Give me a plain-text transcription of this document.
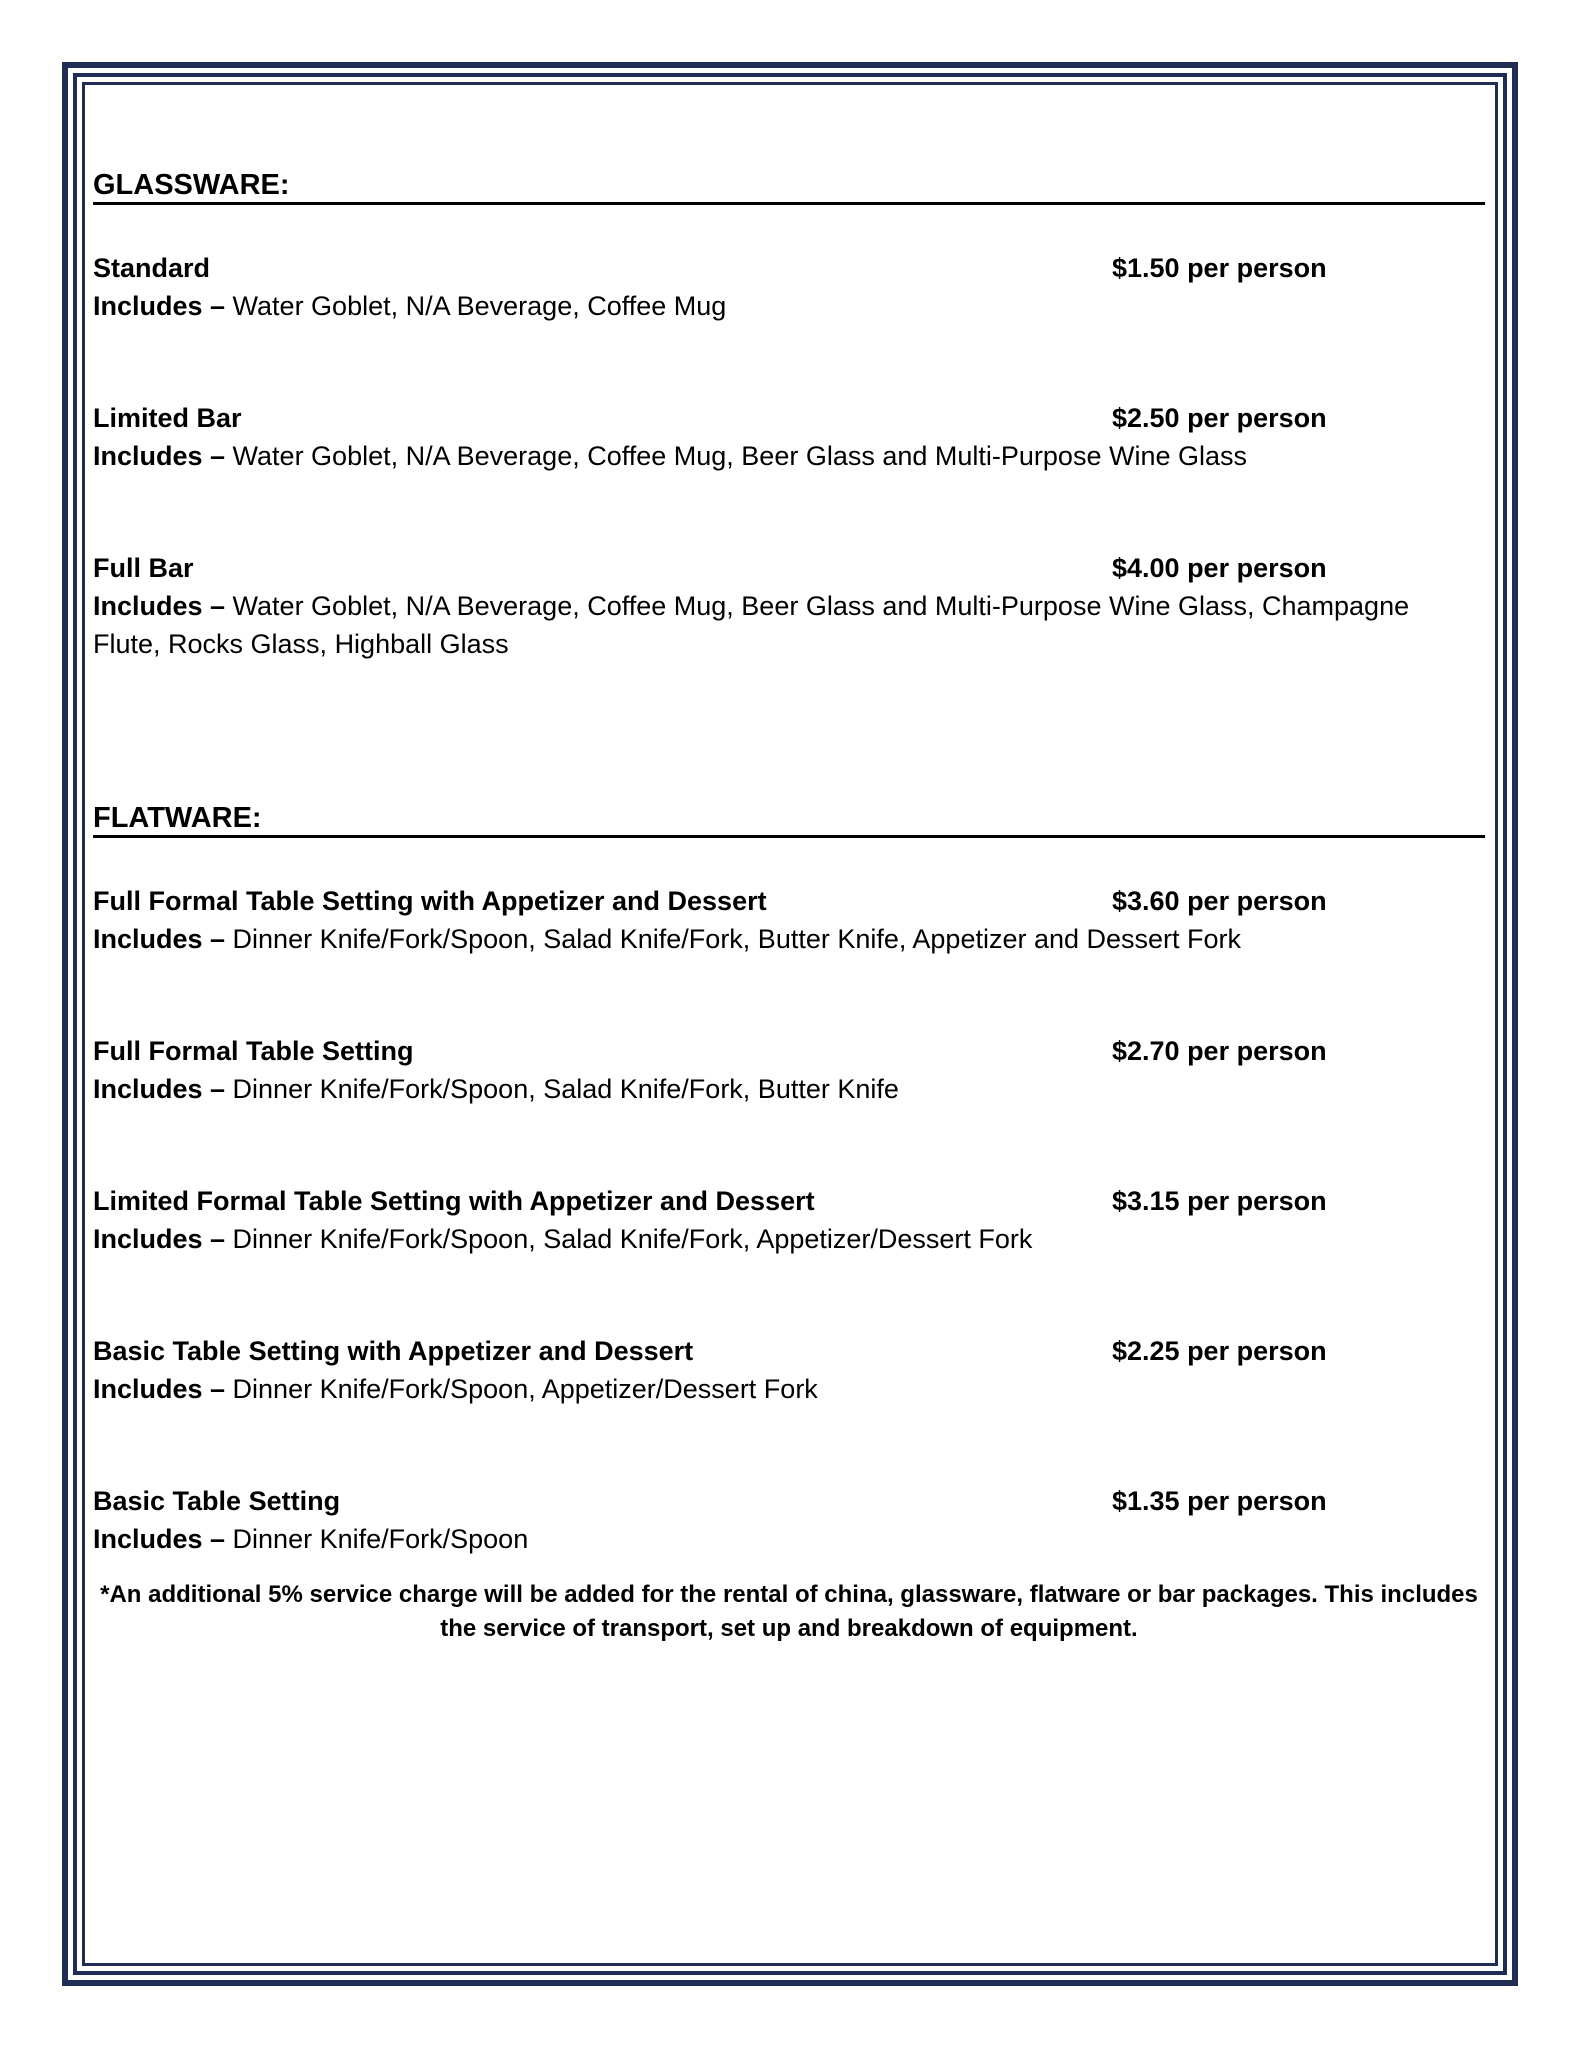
GLASSWARE:
Standard	$1.50 per person

Includes – Water Goblet, N/A Beverage, Coffee Mug

Limited Bar	$2.50 per person

Includes – Water Goblet, N/A Beverage, Coffee Mug, Beer Glass and Multi-Purpose Wine Glass

Full Bar	$4.00 per person

Includes – Water Goblet, N/A Beverage, Coffee Mug, Beer Glass and Multi-Purpose Wine Glass, Champagne Flute, Rocks Glass, Highball Glass

FLATWARE:
Full Formal Table Setting with Appetizer and Dessert	$3.60 per person

Includes – Dinner Knife/Fork/Spoon, Salad Knife/Fork, Butter Knife, Appetizer and Dessert Fork

Full Formal Table Setting	$2.70 per person

Includes – Dinner Knife/Fork/Spoon, Salad Knife/Fork, Butter Knife

Limited Formal Table Setting with Appetizer and Dessert	$3.15 per person

Includes – Dinner Knife/Fork/Spoon, Salad Knife/Fork, Appetizer/Dessert Fork

Basic Table Setting with Appetizer and Dessert	$2.25 per person

Includes – Dinner Knife/Fork/Spoon, Appetizer/Dessert Fork

Basic Table Setting	$1.35 per person

Includes – Dinner Knife/Fork/Spoon

*An additional 5% service charge will be added for the rental of china, glassware, flatware or bar packages. This includes the service of transport, set up and breakdown of equipment.
